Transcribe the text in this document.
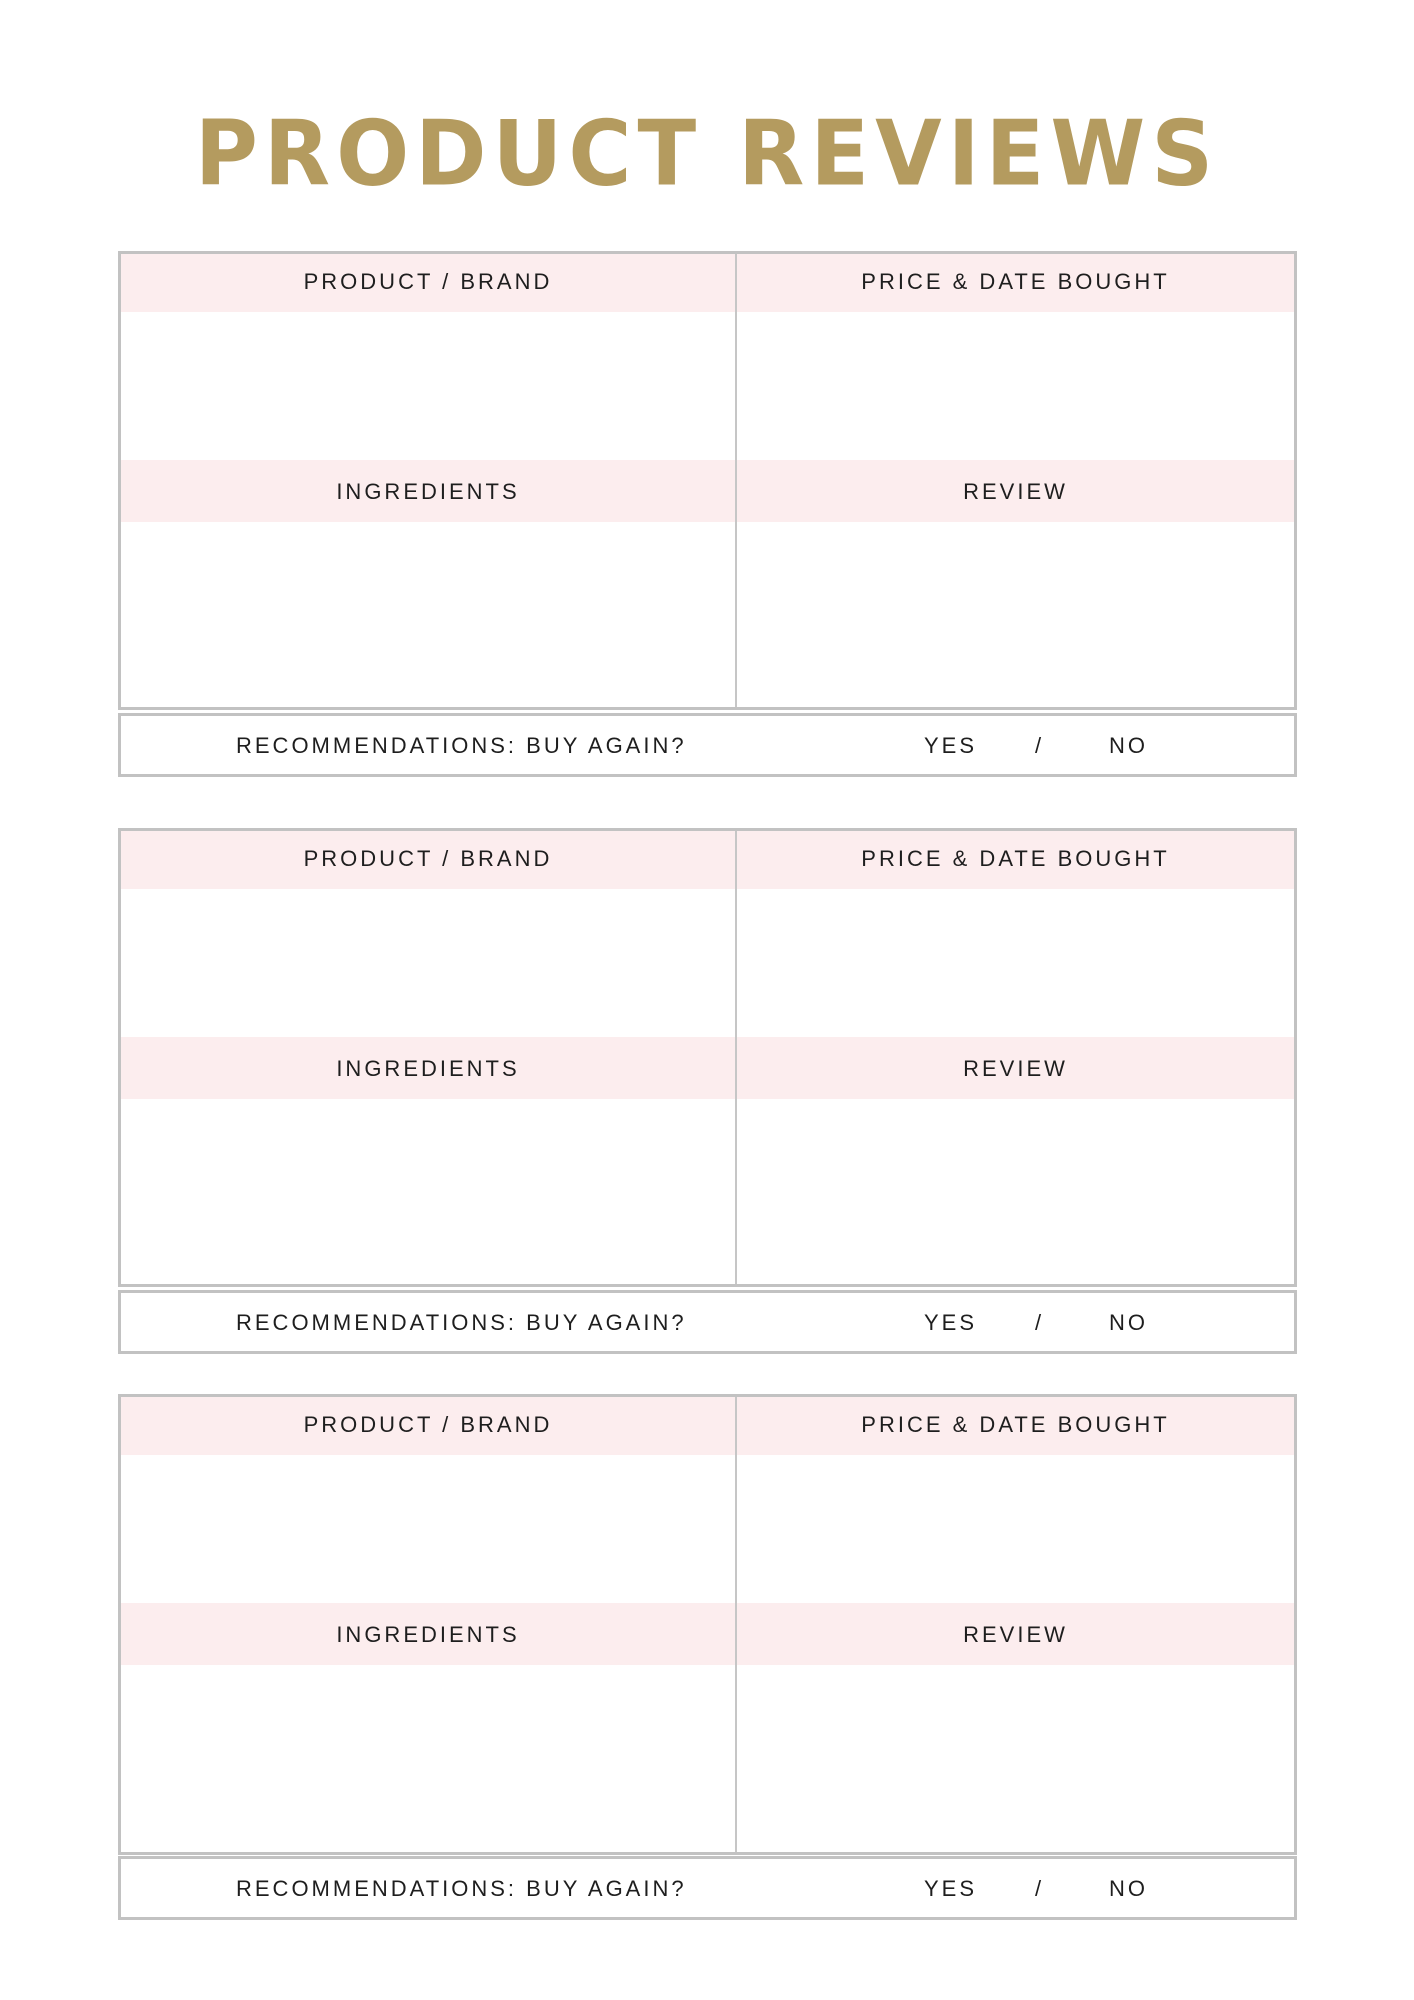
PRODUCT REVIEWS
PRODUCT / BRAND	PRICE & DATE BOUGHT
INGREDIENTS	REVIEW
RECOMMENDATIONS: BUY AGAIN?	YES	/	NO
PRODUCT / BRAND	PRICE & DATE BOUGHT
INGREDIENTS	REVIEW
RECOMMENDATIONS: BUY AGAIN?	YES	/	NO
PRODUCT / BRAND	PRICE & DATE BOUGHT
INGREDIENTS	REVIEW
RECOMMENDATIONS: BUY AGAIN?	YES	/	NO
